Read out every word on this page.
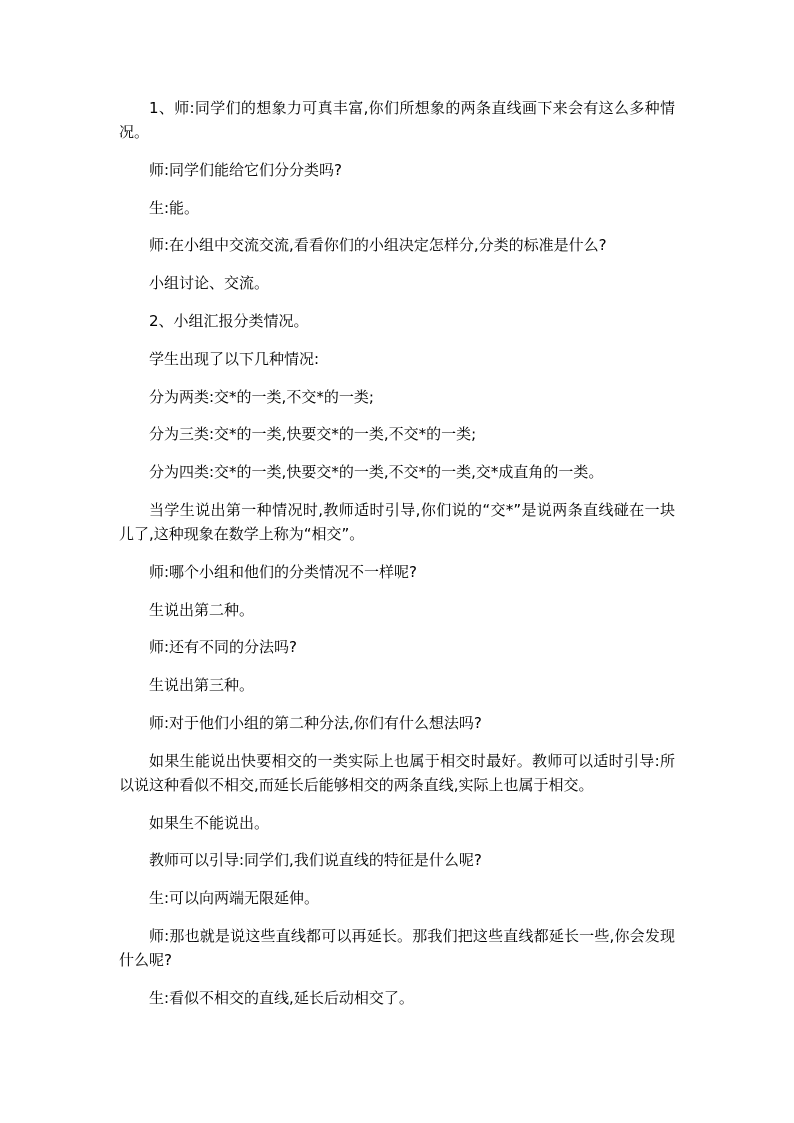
1、师:同学们的想象力可真丰富,你们所想象的两条直线画下来会有这么多种情况。

师:同学们能给它们分分类吗?

生:能。

师:在小组中交流交流,看看你们的小组决定怎样分,分类的标准是什么?

小组讨论、交流。

2、小组汇报分类情况。

学生出现了以下几种情况:

分为两类:交*的一类,不交*的一类;

分为三类:交*的一类,快要交*的一类,不交*的一类;

分为四类:交*的一类,快要交*的一类,不交*的一类,交*成直角的一类。

当学生说出第一种情况时,教师适时引导,你们说的“交*”是说两条直线碰在一块儿了,这种现象在数学上称为“相交”。

师:哪个小组和他们的分类情况不一样呢?

生说出第二种。

师:还有不同的分法吗?

生说出第三种。

师:对于他们小组的第二种分法,你们有什么想法吗?

如果生能说出快要相交的一类实际上也属于相交时最好。教师可以适时引导:所以说这种看似不相交,而延长后能够相交的两条直线,实际上也属于相交。

如果生不能说出。

教师可以引导:同学们,我们说直线的特征是什么呢?

生:可以向两端无限延伸。

师:那也就是说这些直线都可以再延长。那我们把这些直线都延长一些,你会发现什么呢?

生:看似不相交的直线,延长后动相交了。
